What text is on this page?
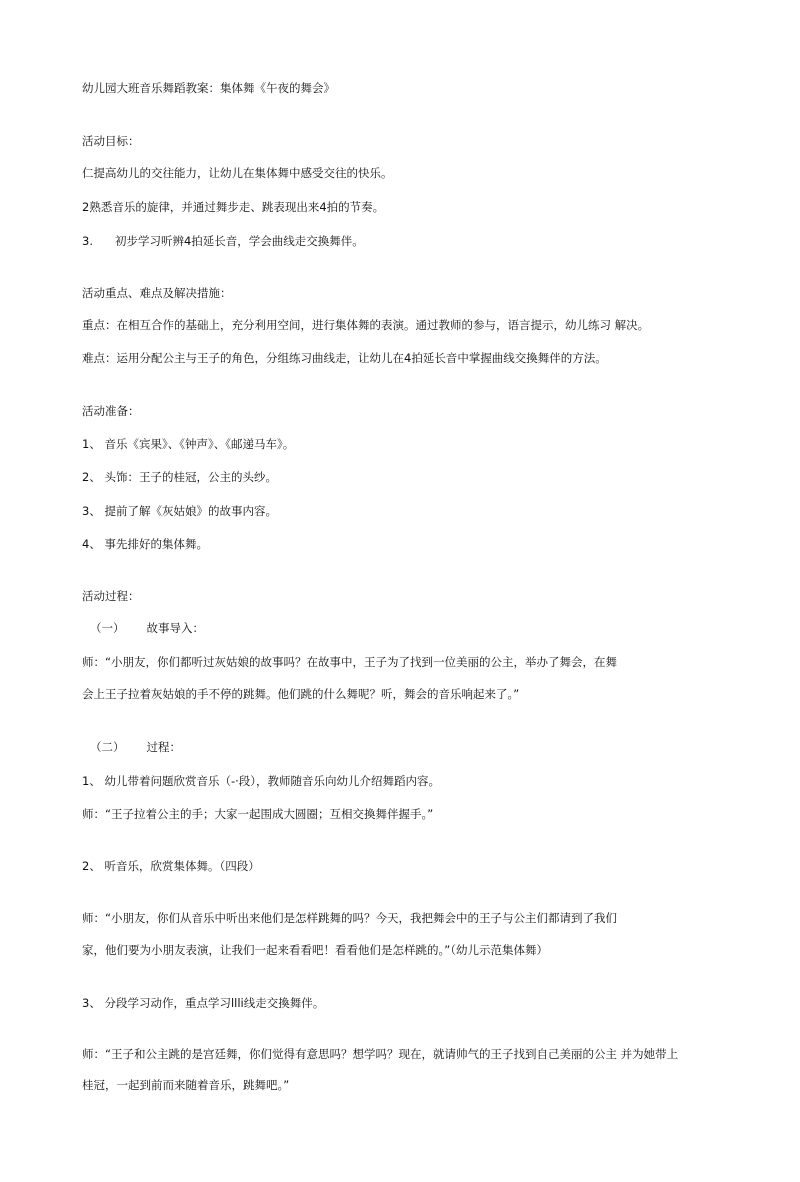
幼儿园大班音乐舞蹈教案：集体舞《午夜的舞会》
活动目标：
仁提高幼儿的交往能力，让幼儿在集体舞中感受交往的快乐。
2熟悉音乐的旋律，并通过舞步走、跳表现出来4拍的节奏。
3. 初步学习听辨4拍延长音，学会曲线走交換舞伴。
活动重点、难点及解决措施：
重点：在相互合作的基础上，充分利用空间，进行集体舞的表演。通过教师的参与，语言提示，幼儿练习 解决。
难点：运用分配公主与王子的角色，分组练习曲线走，让幼儿在4拍延长音中掌握曲线交換舞伴的方法。
活动准备：
1、 音乐《宾果》、《钟声》、《邮递马车》。
2、 头饰：王子的桂冠，公主的头纱。
3、 提前了解《灰姑娘》的故事内容。
4、 事先排好的集体舞。
活动过程：
（一） 故事导入：
师：“小朋友，你们都听过灰姑娘的故事吗？在故事中，王子为了找到一位美丽的公主，举办了舞会，在舞
会上王子拉着灰姑娘的手不停的跳舞。他们跳的什么舞呢？听，舞会的音乐响起来了。”
（二） 过程：
1、 幼儿带着问题欣赏音乐（-·段），教师随音乐向幼儿介绍舞蹈内容。
师：“王子拉着公主的手；大家一起围成大圆圈；互相交換舞伴握手。”
2、 听音乐，欣赏集体舞。（四段）
师：“小朋友，你们从音乐中听出来他们是怎样跳舞的吗？今天，我把舞会中的王子与公主们都请到了我们
家，他们要为小朋友表演，让我们一起来看看吧！看看他们是怎样跳的。”（幼儿示范集体舞）
3、 分段学习动作，重点学习llli线走交換舞伴。
师：“王子和公主跳的是宫廷舞，你们觉得有意思吗？想学吗？现在，就请帅气的王子找到自己美丽的公主 并为她带上
桂冠，一起到前而来随着音乐，跳舞吧。”
